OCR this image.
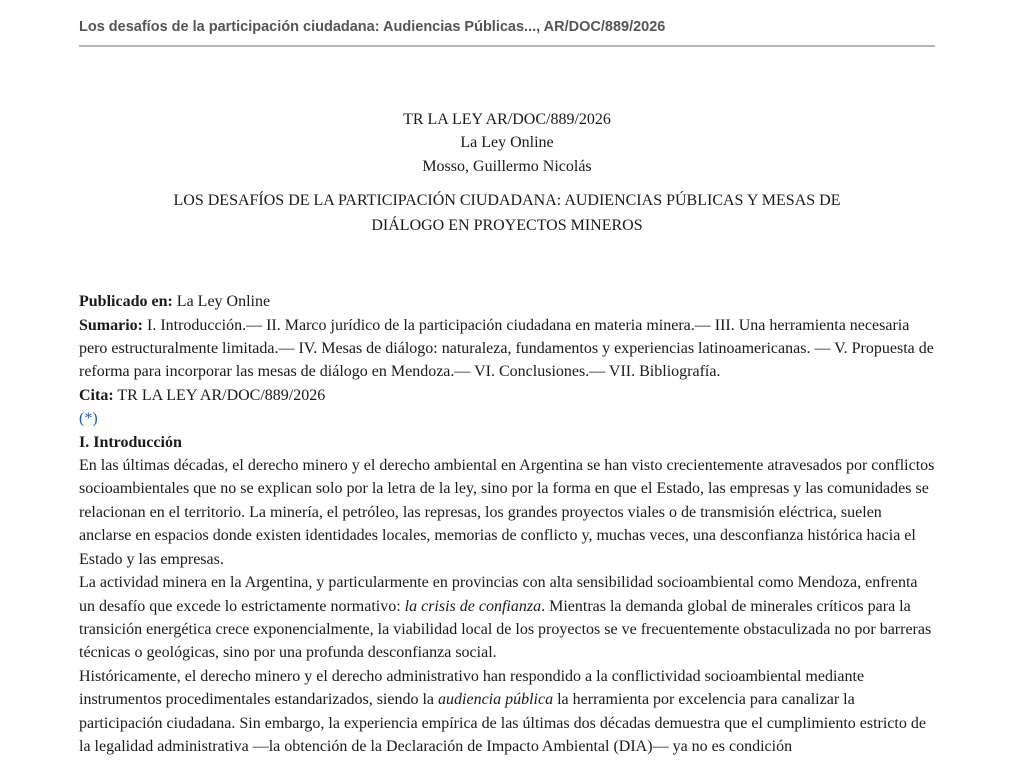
Los desafíos de la participación ciudadana: Audiencias Públicas..., AR/DOC/889/2026
TR LA LEY AR/DOC/889/2026
La Ley Online
Mosso, Guillermo Nicolás
LOS DESAFÍOS DE LA PARTICIPACIÓN CIUDADANA: AUDIENCIAS PÚBLICAS Y MESAS DE DIÁLOGO EN PROYECTOS MINEROS

Publicado en: La Ley Online

Sumario: I. Introducción.— II. Marco jurídico de la participación ciudadana en materia minera.— III. Una herramienta necesaria pero estructuralmente limitada.— IV. Mesas de diálogo: naturaleza, fundamentos y experiencias latinoamericanas. — V. Propuesta de reforma para incorporar las mesas de diálogo en Mendoza.— VI. Conclusiones.— VII. Bibliografía.

Cita: TR LA LEY AR/DOC/889/2026

(*)

I. Introducción

En las últimas décadas, el derecho minero y el derecho ambiental en Argentina se han visto crecientemente atravesados por conflictos socioambientales que no se explican solo por la letra de la ley, sino por la forma en que el Estado, las empresas y las comunidades se relacionan en el territorio. La minería, el petróleo, las represas, los grandes proyectos viales o de transmisión eléctrica, suelen anclarse en espacios donde existen identidades locales, memorias de conflicto y, muchas veces, una desconfianza histórica hacia el Estado y las empresas.

La actividad minera en la Argentina, y particularmente en provincias con alta sensibilidad socioambiental como Mendoza, enfrenta un desafío que excede lo estrictamente normativo: la crisis de confianza. Mientras la demanda global de minerales críticos para la transición energética crece exponencialmente, la viabilidad local de los proyectos se ve frecuentemente obstaculizada no por barreras técnicas o geológicas, sino por una profunda desconfianza social.

Históricamente, el derecho minero y el derecho administrativo han respondido a la conflictividad socioambiental mediante instrumentos procedimentales estandarizados, siendo la audiencia pública la herramienta por excelencia para canalizar la participación ciudadana. Sin embargo, la experiencia empírica de las últimas dos décadas demuestra que el cumplimiento estricto de la legalidad administrativa —la obtención de la Declaración de Impacto Ambiental (DIA)— ya no es condición
